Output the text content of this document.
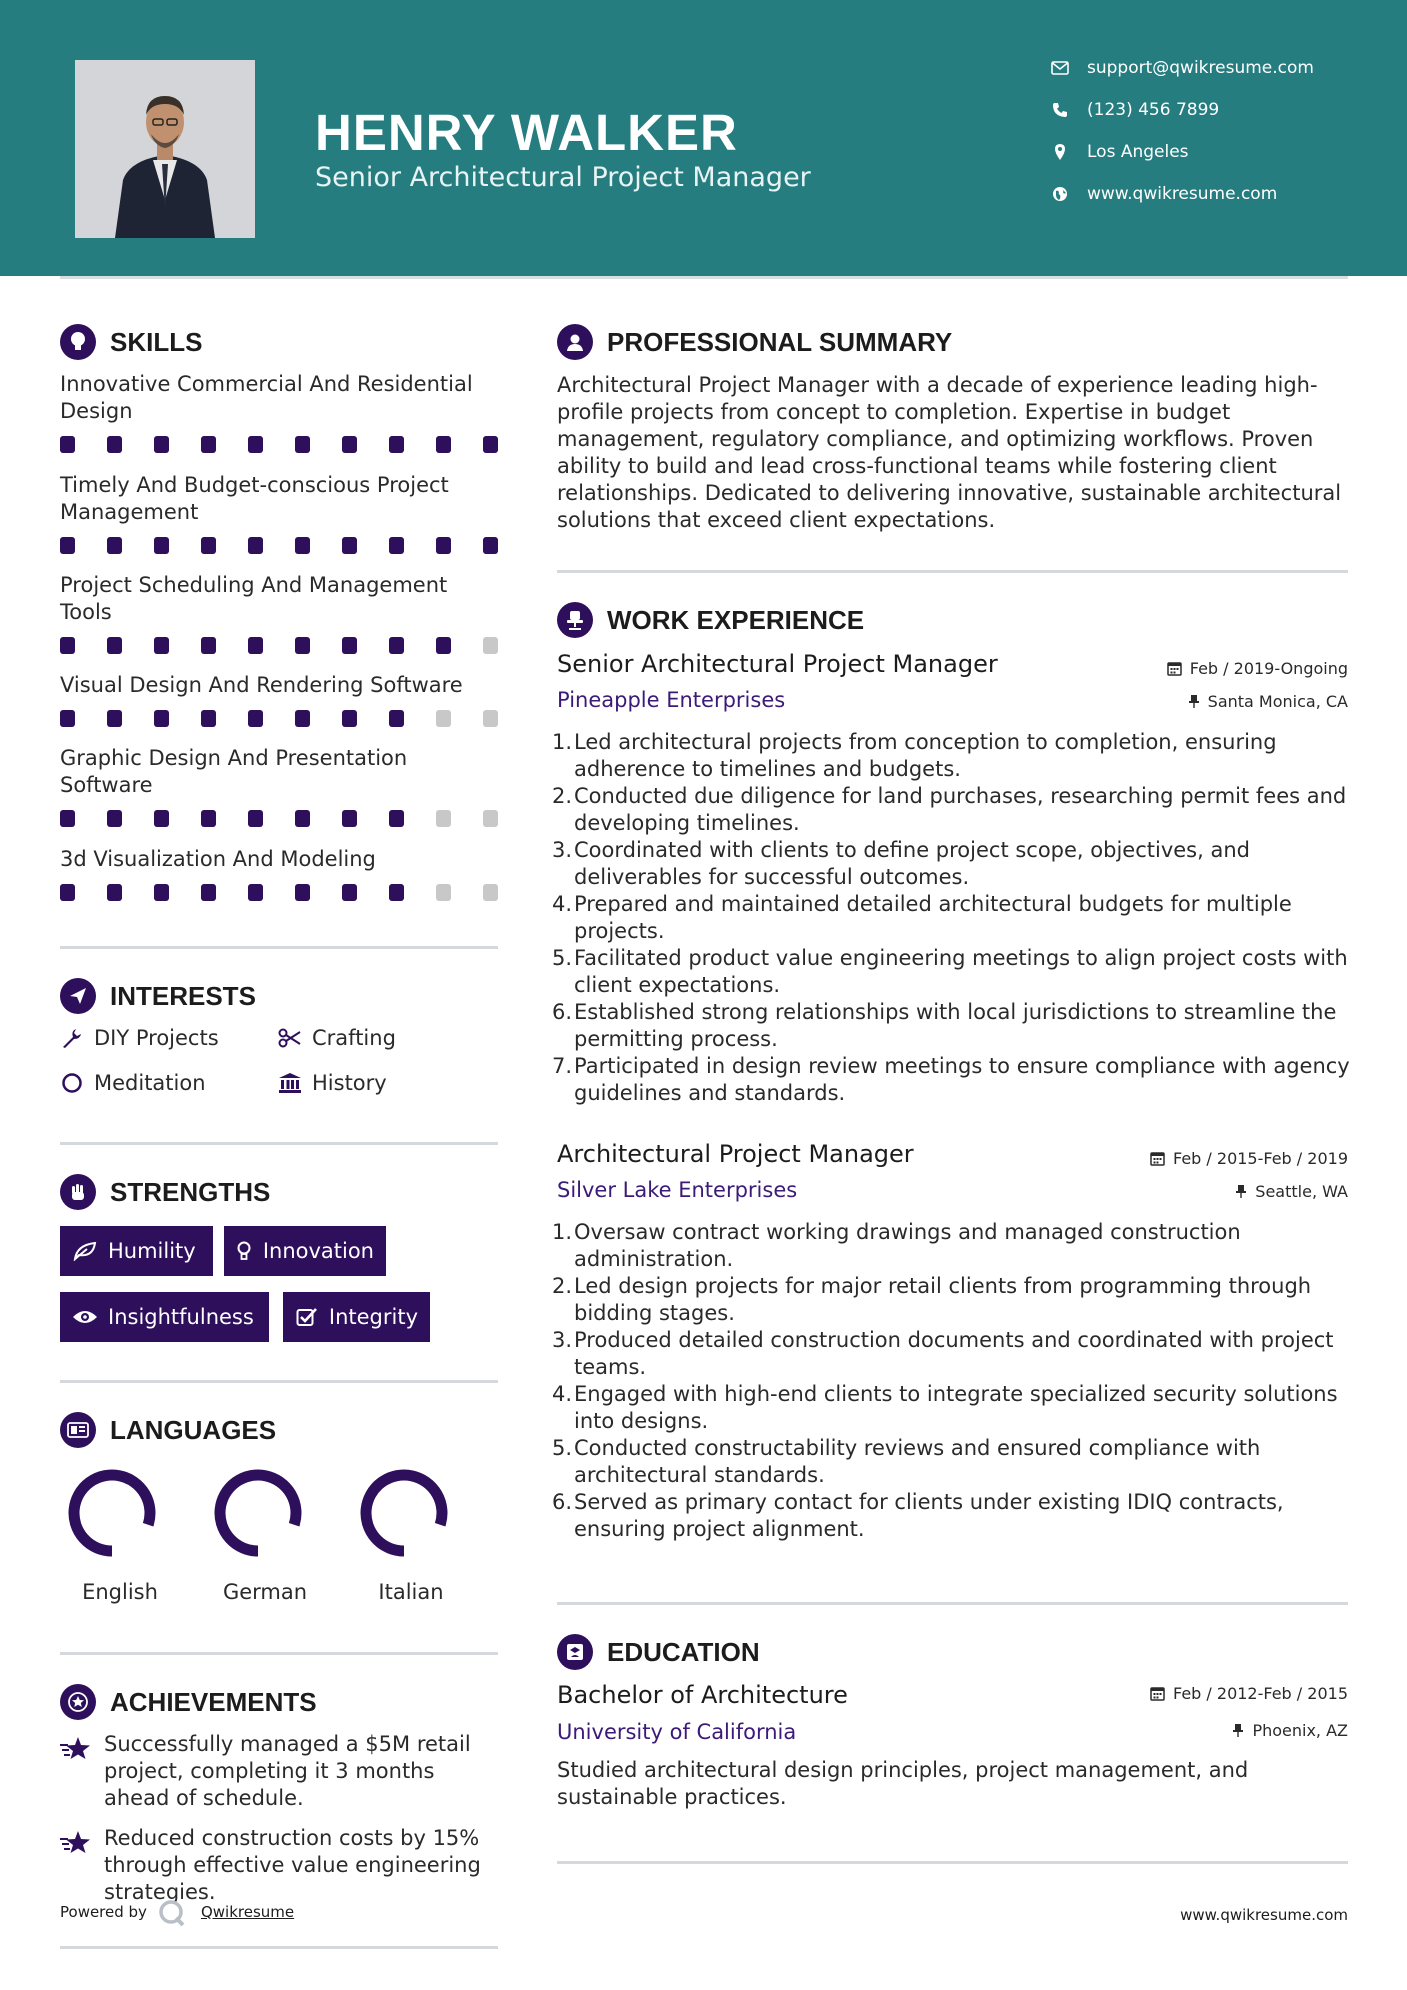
HENRY WALKER
Senior Architectural Project Manager
support@qwikresume.com
(123) 456 7899
Los Angeles
www.qwikresume.com
SKILLS
Innovative Commercial And Residential Design
Timely And Budget-conscious Project Management
Project Scheduling And Management Tools
Visual Design And Rendering Software
Graphic Design And Presentation Software
3d Visualization And Modeling
INTERESTS
DIY Projects	Crafting
Meditation	History
STRENGTHS
Humility	Innovation
Insightfulness	Integrity
LANGUAGES
English	German	Italian
ACHIEVEMENTS
Successfully managed a $5M retail project, completing it 3 months ahead of schedule.
Reduced construction costs by 15% through effective value engineering strategies.
PROFESSIONAL SUMMARY
Architectural Project Manager with a decade of experience leading high-profile projects from concept to completion. Expertise in budget management, regulatory compliance, and optimizing workflows. Proven ability to build and lead cross-functional teams while fostering client relationships. Dedicated to delivering innovative, sustainable architectural solutions that exceed client expectations.
WORK EXPERIENCE
Senior Architectural Project Manager	Feb / 2019-Ongoing
Pineapple Enterprises	Santa Monica, CA
1. Led architectural projects from conception to completion, ensuring adherence to timelines and budgets.
2. Conducted due diligence for land purchases, researching permit fees and developing timelines.
3. Coordinated with clients to define project scope, objectives, and deliverables for successful outcomes.
4. Prepared and maintained detailed architectural budgets for multiple projects.
5. Facilitated product value engineering meetings to align project costs with client expectations.
6. Established strong relationships with local jurisdictions to streamline the permitting process.
7. Participated in design review meetings to ensure compliance with agency guidelines and standards.
Architectural Project Manager	Feb / 2015-Feb / 2019
Silver Lake Enterprises	Seattle, WA
1. Oversaw contract working drawings and managed construction administration.
2. Led design projects for major retail clients from programming through bidding stages.
3. Produced detailed construction documents and coordinated with project teams.
4. Engaged with high-end clients to integrate specialized security solutions into designs.
5. Conducted constructability reviews and ensured compliance with architectural standards.
6. Served as primary contact for clients under existing IDIQ contracts, ensuring project alignment.
EDUCATION
Bachelor of Architecture	Feb / 2012-Feb / 2015
University of California	Phoenix, AZ
Studied architectural design principles, project management, and sustainable practices.
Powered by	Qwikresume	www.qwikresume.com
